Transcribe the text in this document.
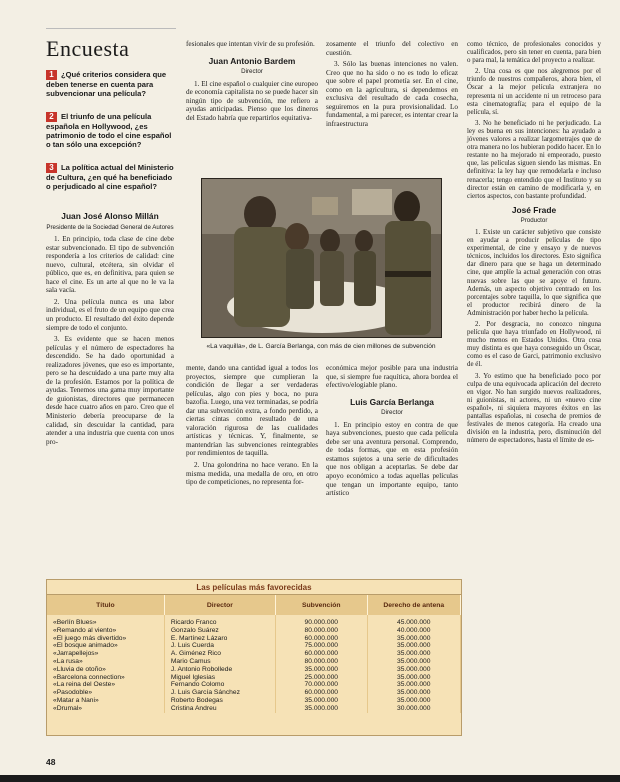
Encuesta
1 ¿Qué criterios considera que deben tenerse en cuenta para subvencionar una película?
2 El triunfo de una película española en Hollywood, ¿es patrimonio de todo el cine español o tan sólo una excepción?
3 La política actual del Ministerio de Cultura, ¿en qué ha beneficiado o perjudicado al cine español?

Juan José Alonso Millán

Presidente de la Sociedad General de Autores

1. En principio, toda clase de cine debe estar subvencionado. El tipo de subvención respondería a los criterios de calidad: cine nuevo, cultural, etcétera, sin olvidar el público, que es, en definitiva, para quien se hace el cine. Es un arte al que no le va la sala vacía.

2. Una película nunca es una labor individual, es el fruto de un equipo que crea un producto. El resultado del éxito depende siempre de todo el conjunto.

3. Es evidente que se hacen menos películas y el número de espectadores ha descendido. Se ha dado oportunidad a realizadores jóvenes, que eso es importante, pero se ha descuidado a una parte muy alta de la profesión. Estamos por la política de ayudas. Tenemos una gama muy importante de guionistas, directores que permanecen desde hace cuatro años en paro. Creo que el Ministerio debería preocuparse de la calidad, sin descuidar la cantidad, para atender a una industria que cuenta con unos pro-

fesionales que intentan vivir de su profesión.

Juan Antonio Bardem

Director

1. El cine español o cualquier cine europeo de economía capitalista no se puede hacer sin ningún tipo de subvención, me refiero a ayudas anticipadas. Pienso que los dineros del Estado habría que repartirlos equitativa-

zosamente el triunfo del colectivo en cuestión.

3. Sólo las buenas intenciones no valen. Creo que no ha sido o no es todo lo eficaz que sobre el papel prometía ser. En el cine, como en la agricultura, si dependemos en exclusiva del resultado de cada cosecha, seguiremos en la pura provisionalidad. Lo fundamental, a mi parecer, es intentar crear la infraestructura

«La vaquilla», de L. García Berlanga, con más de cien millones de subvención

mente, dando una cantidad igual a todos los proyectos, siempre que cumplieran la condición de llegar a ser verdaderas películas, algo con pies y boca, no pura bazofia. Luego, una vez terminadas, se podría dar una subvención extra, a fondo perdido, a ciertas cintas como resultado de una valoración rigurosa de las cualidades artísticas y técnicas. Y, finalmente, se mantendrían las subvenciones reintegrables por rendimientos de taquilla.

2. Una golondrina no hace verano. En la misma medida, una medalla de oro, en otro tipo de competiciones, no representa for-

económica mejor posible para una industria que, si siempre fue raquítica, ahora bordea el efectivo/elogiable plano.

Luis García Berlanga

Director

1. En principio estoy en contra de que haya subvenciones, puesto que cada película debe ser una aventura personal. Comprendo, de todas formas, que en esta profesión estamos sujetos a una serie de dificultades que nos obligan a aceptarlas. Se debe dar apoyo económico a todas aquellas películas que tengan un importante equipo, tanto artístico

como técnico, de profesionales conocidos y cualificados, pero sin tener en cuenta, para bien o para mal, la temática del proyecto a realizar.

2. Una cosa es que nos alegremos por el triunfo de nuestros compañeros, ahora bien, el Óscar a la mejor película extranjera no representa ni un accidente ni un retroceso para esta cinematografía; para el equipo de la película, sí.

3. No he beneficiado ni he perjudicado. La ley es buena en sus intenciones: ha ayudado a jóvenes valores a realizar largometrajes que de otra manera no los hubieran podido hacer. En lo restante no ha mejorado ni empeorado, puesto que, las películas siguen siendo las mismas. En definitiva: la ley hay que remodelarla e incluso renacerla; tengo entendido que el Instituto y su director están en camino de modificarla y, en ciertos aspectos, con bastante profundidad.

José Frade

Productor

1. Existe un carácter subjetivo que consiste en ayudar a producir películas de tipo experimental, de cine y ensayo y de nuevos técnicos, incluidos los directores. Esto significa dar dinero para que se haga un determinado cine, que amplíe la actual generación con otras nuevas sobre las que se apoye el futuro. Además, un aspecto objetivo centrado en los porcentajes sobre taquilla, lo que significa que el productor recibirá dinero de la Administración por haber hecho la película.

2. Por desgracia, no conozco ninguna película que haya triunfado en Hollywood, ni mucho menos en Estados Unidos. Otra cosa muy distinta es que haya conseguido un Óscar, como es el caso de Garci, patrimonio exclusivo de él.

3. Yo estimo que ha beneficiado poco por culpa de una equivocada aplicación del decreto en vigor. No han surgido nuevos realizadores, ni guionistas, ni actores, ni un «nuevo cine español», ni siquiera mayores éxitos en las pantallas españolas, ni cosecha de premios de festivales de menos categoría. Ha creado una división en la industria, pero, disminución del número de espectadores, hasta el límite de es-

Las películas más favorecidas
Título	Director	Subvención	Derecho de antena
«Berlín Blues»	Ricardo Franco	90.000.000	45.000.000
«Remando al viento»	Gonzalo Suárez	80.000.000	40.000.000
«El juego más divertido»	E. Martínez Lázaro	60.000.000	35.000.000
«El bosque animado»	J. Luis Cuerda	75.000.000	35.000.000
«Jarrapellejos»	A. Giménez Rico	60.000.000	35.000.000
«La rusa»	Mario Camus	80.000.000	35.000.000
«Lluvia de otoño»	J. Antonio Robollede	35.000.000	35.000.000
«Barcelona connection»	Miguel Iglesias	25.000.000	35.000.000
«La reina del Oeste»	Fernando Colomo	70.000.000	35.000.000
«Pasodoble»	J. Luis García Sánchez	60.000.000	35.000.000
«Matar a Nani»	Roberto Bodegas	35.000.000	35.000.000
«Drumal»	Cristina Andreu	35.000.000	30.000.000
48
